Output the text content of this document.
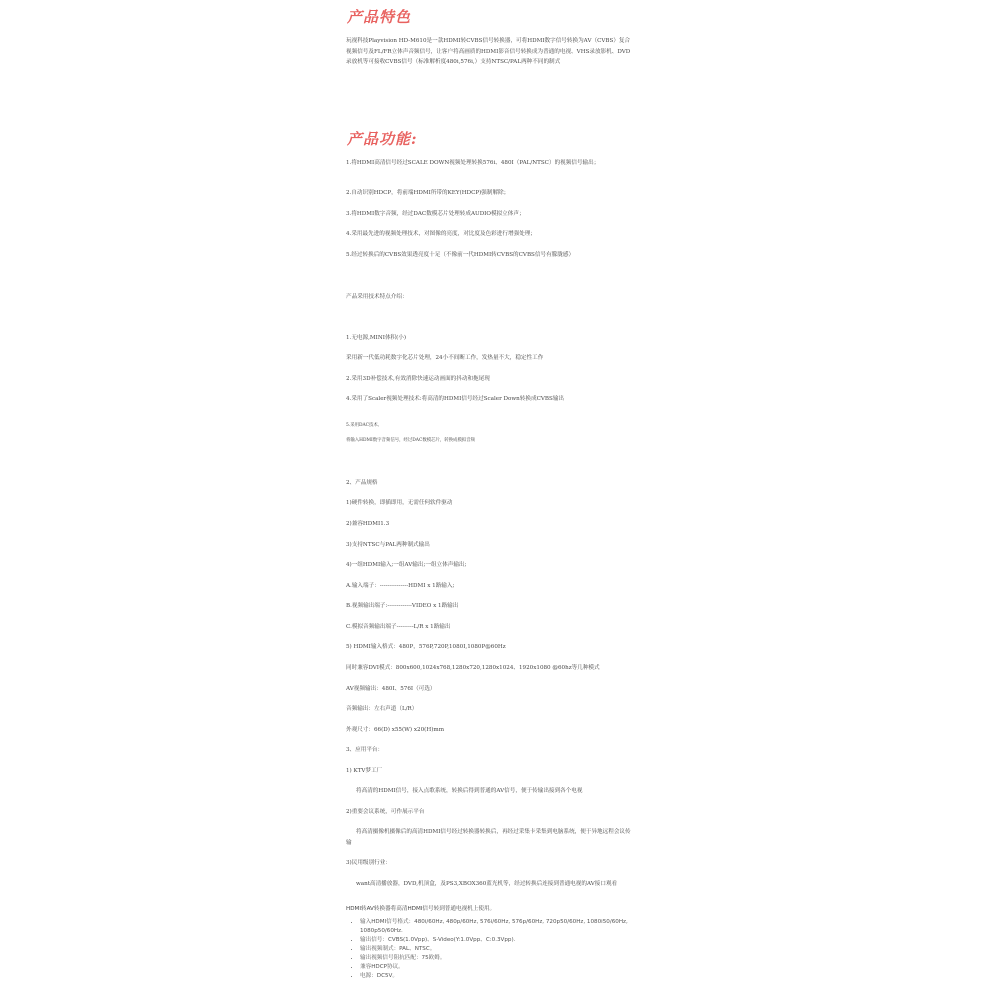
产品特色
玩视科技Playvision HD-M610是一款HDMI转CVBS信号转换器，可将HDMI数字信号转换为AV（CVBS）复合视频信号及FL/FR立体声音频信号，让客户将高画质的HDMI影音信号转换成为普通的电视、VHS录放影机、DVD录放机等可接收CVBS信号（标准解析度480i,576i,）支持NTSC/PAL两种不同的制式
产品功能:
1.将HDMI高清信号经过SCALE DOWN视频处理转换576i、480I（PAL/NTSC）的视频信号输出；
2.自动识别HDCP，将前端HDMI所带的KEY(HDCP)强制解除；
3.将HDMI数字音频，经过DAC数模芯片处理转成AUDIO模拟立体声；
4.采用最先进的视频处理技术，对图像的亮度，对比度及色彩进行增强处理；
5.经过转换后的CVBS效果透亮度十足（不像前一代HDMI转CVBS的CVBS信号有朦胧感）
产品采用技术特点介绍：
1.无电源,MINI体积(小)
采用新一代低功耗数字化芯片处理，24小不间断工作，发热量不大，稳定性工作
2.采用3D补偿技术,有效消除快速运动画面的抖动和拖尾现
4.采用了Scaler视频处理技术:将高清的HDMI信号经过Scaler Down转换成CVBS输出
5.采用DAC技术,
将输入HDMI数字音频信号，经过DAC数模芯片，转换成模拟音频
2、产品规格
1)硬件转换，即插即用，无需任何软件驱动
2)兼容HDMI1.3
3)支持NTSC与PAL两种制式输出
4)一组HDMI输入;一组AV输出;一组立体声输出;
A.输入端子：---------------HDMI x 1路输入;
B.视频输出端子:-------------VIDEO x 1路输出
C.模拟音频输出端子---------L/R x 1路输出
5) HDMI输入格式：480P，576P,720P,1080I,1080P@60Hz
同时兼容DVI模式：800x600,1024x768,1280x720,1280x1024、1920x1080 @60hz等几种模式
AV视频输出：480I、576I（可选）
音频输出：左右声道（L/R）
外观尺寸：66(D) x55(W) x20(H)mm
3、应用平台：
1) KTV梦工厂
将高清的HDMI信号，接入点歌系统，转换后得到普通的AV信号，便于传输出接到各个电视
2)重要会议系统，可作展示平台
将高清摄像机摄像后的高清HDMI信号经过转换器转换后，再经过采集卡采集到电脑系统，便于异地远程会议传输
3)民用级别行业：
want高清播放器，DVD,机顶盒，及PS3,XBOX360蓝光机等，经过转换后连接到普通电视的AV接口观看
HDMI转AV转换器将高清HDMI信号转到普通电视机上使用。
• 输入HDMI信号格式：480i/60Hz, 480p/60Hz, 576i/60Hz, 576p/60Hz, 720p50/60Hz, 1080i50/60Hz, 1080p50/60Hz.
• 输出信号：CVBS(1.0Vpp)、S-Video(Y:1.0Vpp、C:0.3Vpp).
• 输出视频制式：PAL、NTSC。
• 输出视频信号阻抗匹配：75欧姆。
• 兼容HDCP协议。
• 电源：DC5V。
